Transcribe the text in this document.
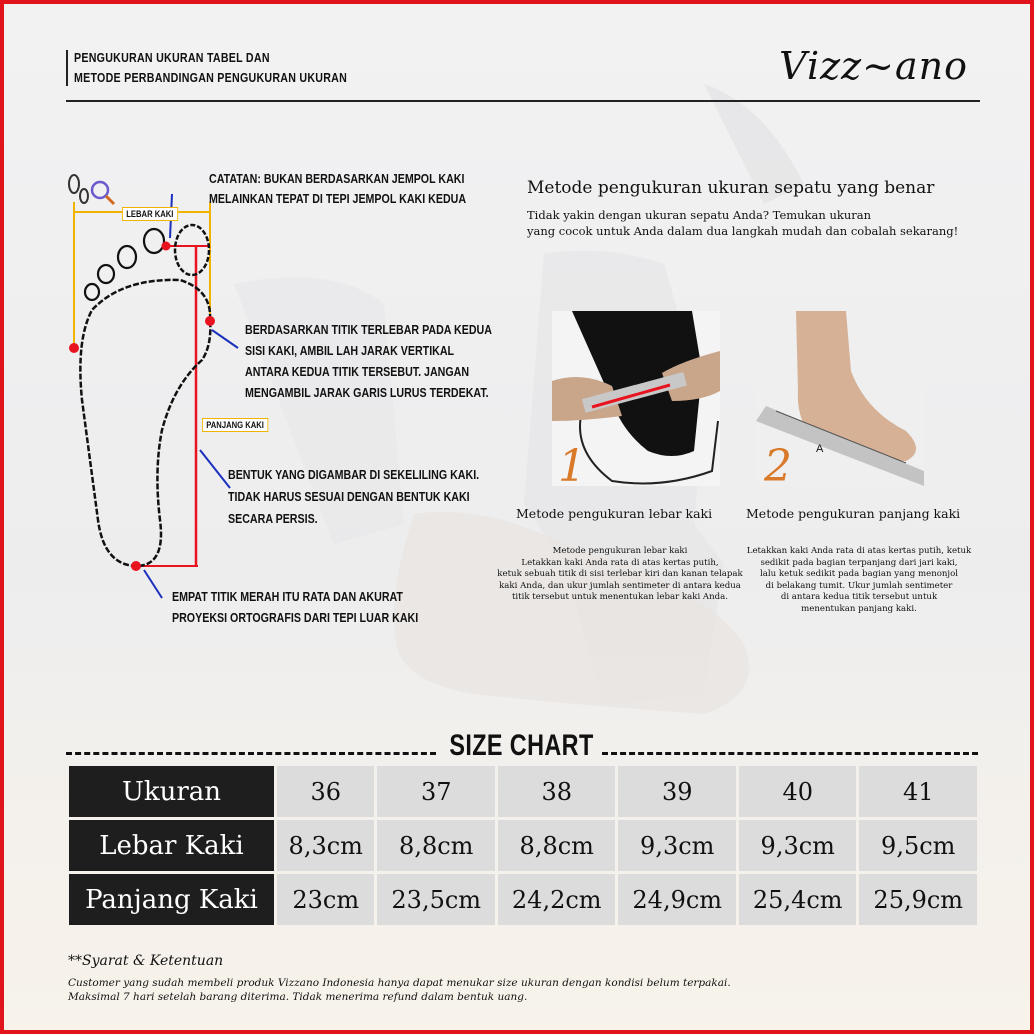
PENGUKURAN UKURAN TABEL DAN
METODE PERBANDINGAN PENGUKURAN UKURAN	Vizz~ano
LEBAR KAKI
PANJANG KAKI
CATATAN: BUKAN BERDASARKAN JEMPOL KAKI
MELAINKAN TEPAT DI TEPI JEMPOL KAKI KEDUA
BERDASARKAN TITIK TERLEBAR PADA KEDUA
SISI KAKI, AMBIL LAH JARAK VERTIKAL
ANTARA KEDUA TITIK TERSEBUT. JANGAN
MENGAMBIL JARAK GARIS LURUS TERDEKAT.
BENTUK YANG DIGAMBAR DI SEKELILING KAKI.
TIDAK HARUS SESUAI DENGAN BENTUK KAKI
SECARA PERSIS.
EMPAT TITIK MERAH ITU RATA DAN AKURAT
PROYEKSI ORTOGRAFIS DARI TEPI LUAR KAKI
Metode pengukuran ukuran sepatu yang benar
Tidak yakin dengan ukuran sepatu Anda? Temukan ukuran
yang cocok untuk Anda dalam dua langkah mudah dan cobalah sekarang!
1	A
2
Metode pengukuran lebar kaki	Metode pengukuran panjang kaki
Metode pengukuran lebar kaki
Letakkan kaki Anda rata di atas kertas putih,
ketuk sebuah titik di sisi terlebar kiri dan kanan telapak
kaki Anda, dan ukur jumlah sentimeter di antara kedua
titik tersebut untuk menentukan lebar kaki Anda.
Letakkan kaki Anda rata di atas kertas putih, ketuk
sedikit pada bagian terpanjang dari jari kaki,
lalu ketuk sedikit pada bagian yang menonjol
di belakang tumit. Ukur jumlah sentimeter
di antara kedua titik tersebut untuk
menentukan panjang kaki.
SIZE CHART
Ukuran	36	37	38	39	40	41
Lebar Kaki	8,3cm	8,8cm	8,8cm	9,3cm	9,3cm	9,5cm
Panjang Kaki	23cm	23,5cm	24,2cm	24,9cm	25,4cm	25,9cm
**Syarat & Ketentuan
Customer yang sudah membeli produk Vizzano Indonesia hanya dapat menukar size ukuran dengan kondisi belum terpakai.
Maksimal 7 hari setelah barang diterima. Tidak menerima refund dalam bentuk uang.
